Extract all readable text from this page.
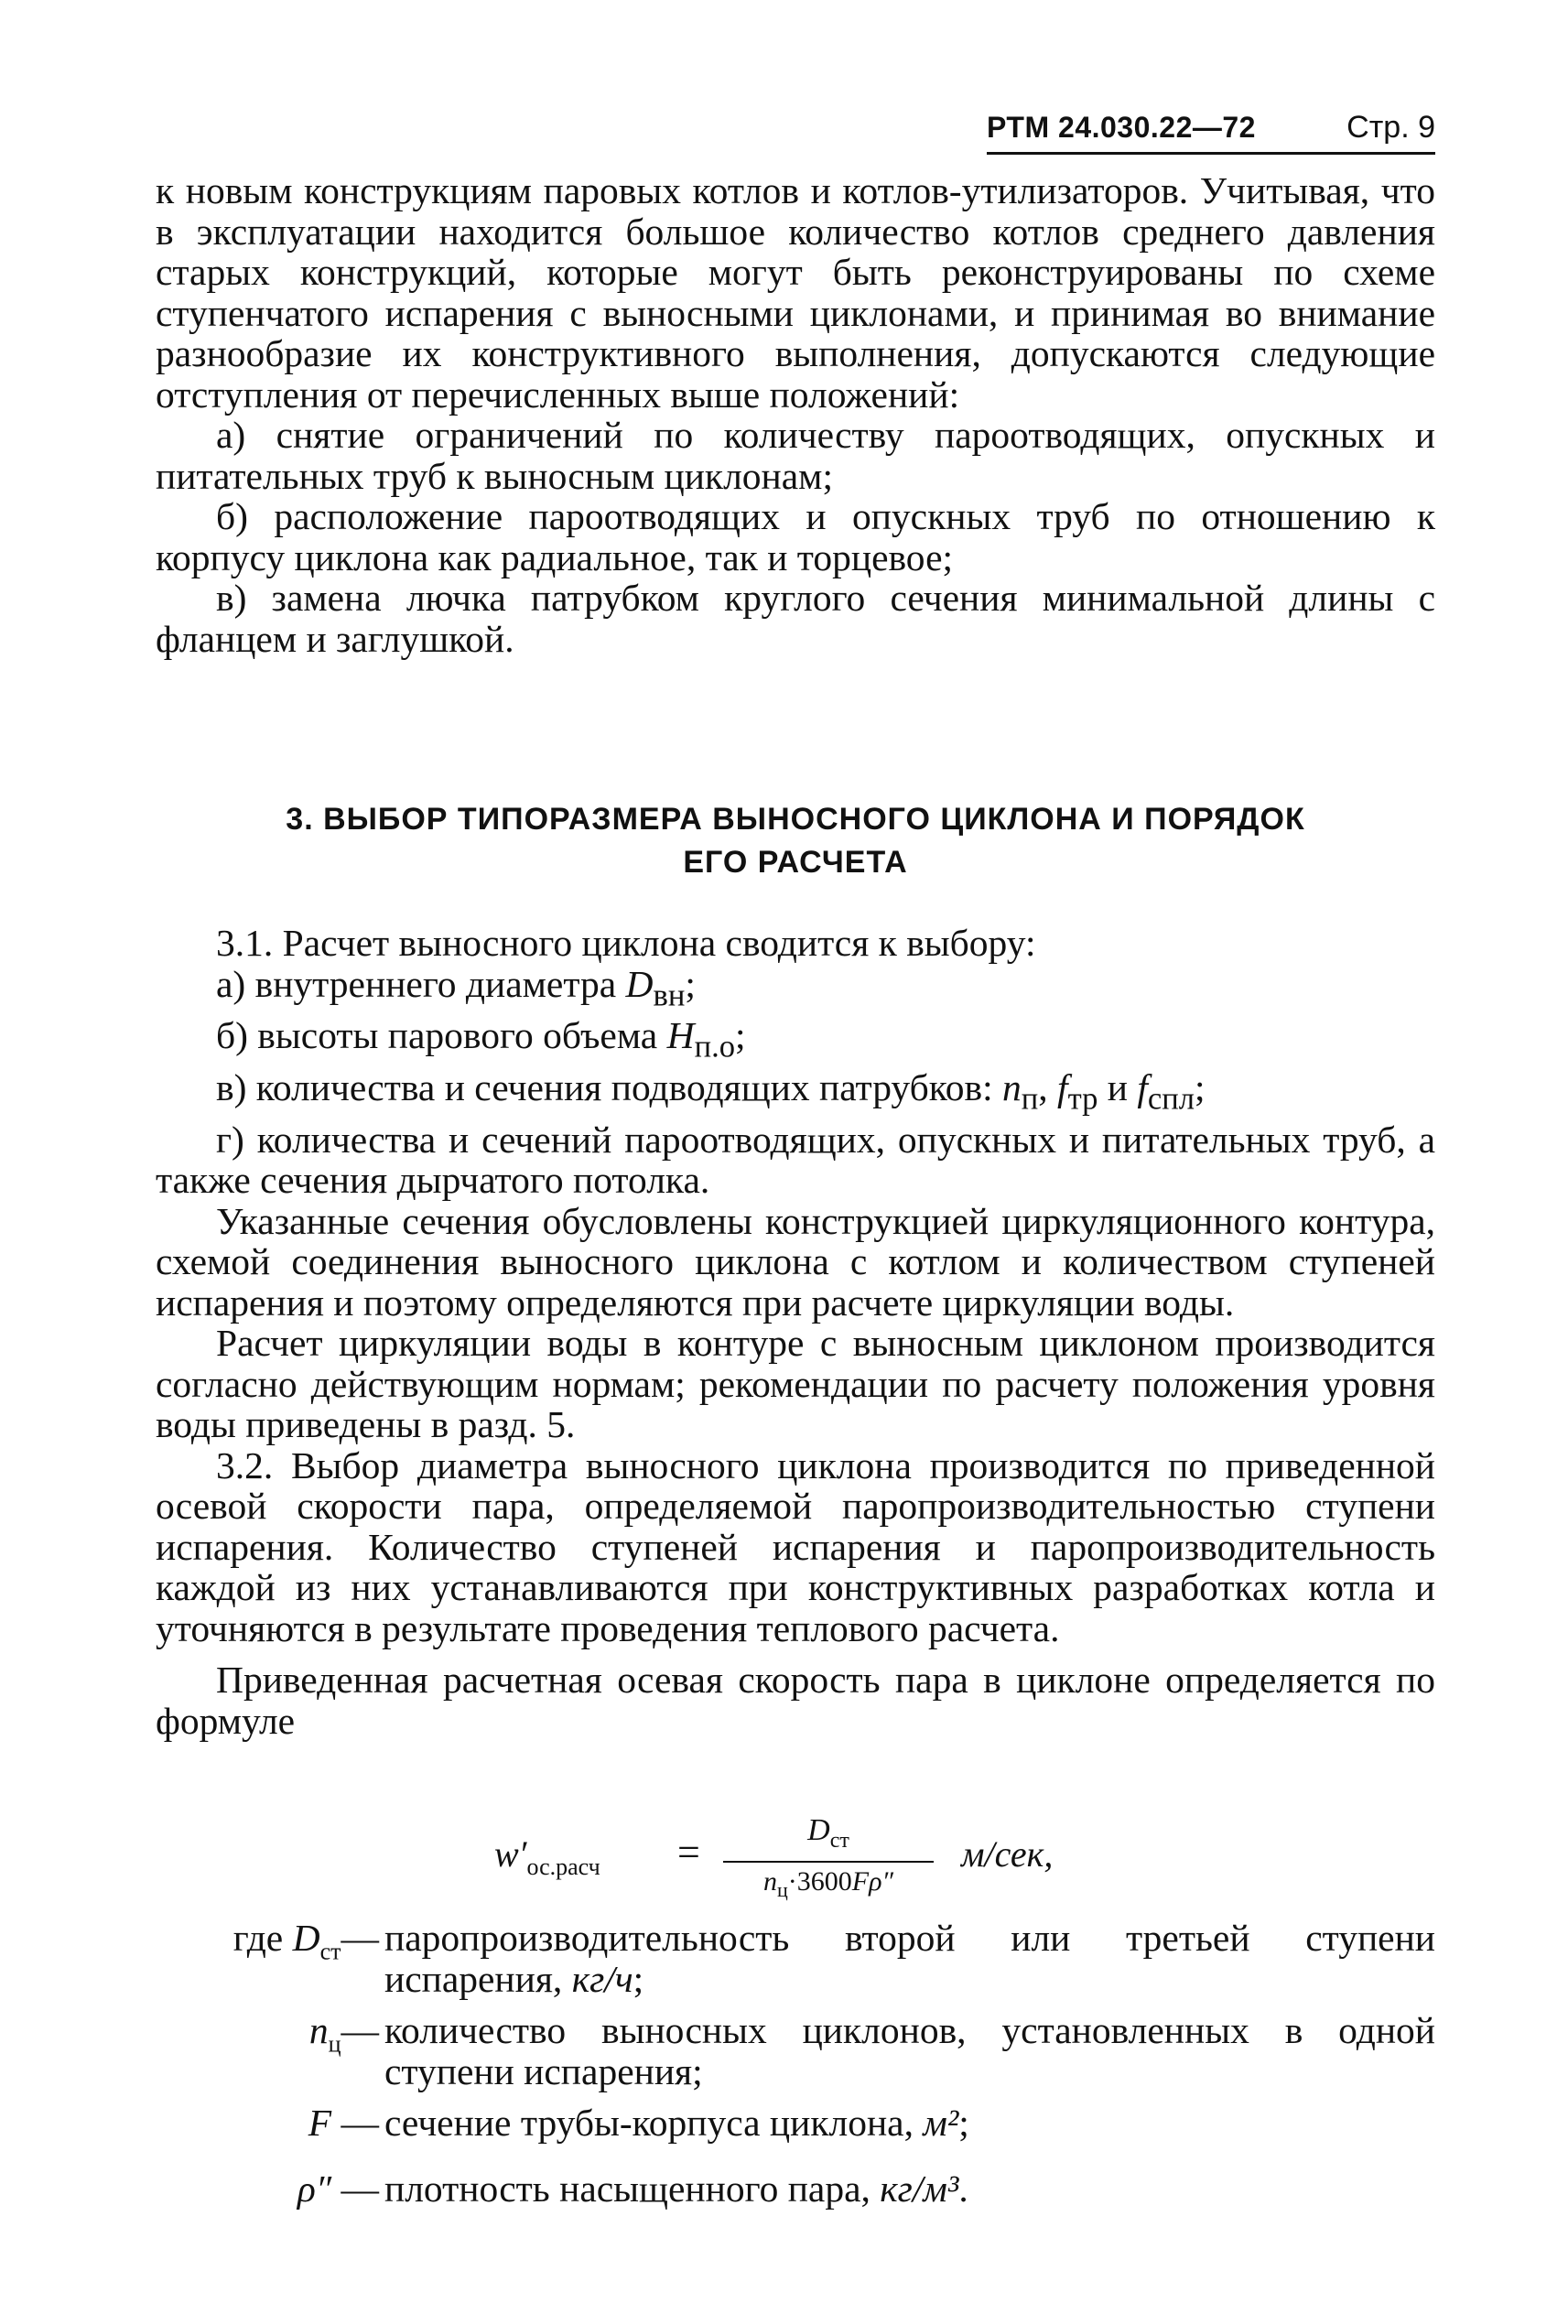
РТМ 24.030.22—72	Стр. 9

к новым конструкциям паровых котлов и котлов-утилизаторов. Учитывая, что в эксплуатации находится большое количество котлов среднего давления старых конструкций, которые могут быть реконструированы по схеме ступенчатого испарения с выносными циклонами, и принимая во внимание разнообразие их конструктивного выполнения, допускаются следующие отступления от перечисленных выше положений:

а) снятие ограничений по количеству пароотводящих, опускных и питательных труб к выносным циклонам;

б) расположение пароотводящих и опускных труб по отношению к корпусу циклона как радиальное, так и торцевое;

в) замена лючка патрубком круглого сечения минимальной длины с фланцем и заглушкой.

3. ВЫБОР ТИПОРАЗМЕРА ВЫНОСНОГО ЦИКЛОНА И ПОРЯДОК
ЕГО РАСЧЕТА

3.1. Расчет выносного циклона сводится к выбору:

а) внутреннего диаметра $D_{вн}$;

б) высоты парового объема $H_{п.о}$;

в) количества и сечения подводящих патрубков: $n_п$, $f_{тр}$ и $f_{спл}$;

г) количества и сечений пароотводящих, опускных и питательных труб, а также сечения дырчатого потолка.

Указанные сечения обусловлены конструкцией циркуляционного контура, схемой соединения выносного циклона с котлом и количеством ступеней испарения и поэтому определяются при расчете циркуляции воды.

Расчет циркуляции воды в контуре с выносным циклоном производится согласно действующим нормам; рекомендации по расчету положения уровня воды приведены в разд. 5.

3.2. Выбор диаметра выносного циклона производится по приведенной осевой скорости пара, определяемой паропроизводительностью ступени испарения. Количество ступеней испарения и паропроизводительность каждой из них устанавливаются при конструктивных разработках котла и уточняются в результате проведения теплового расчета.

Приведенная расчетная осевая скорость пара в циклоне определяется по формуле

$w'_{ос.расч}$ =	$D_{ст}$
$n_ц\cdot 3600F\rho''$
м/сек,
где $D_{ст}—$ паропроизводительность второй или третьей ступени испарения, кг/ч;
$n_ц—$ количество выносных циклонов, установленных в одной ступени испарения;
F — сечение трубы-корпуса циклона, м²;
ρ″ — плотность насыщенного пара, кг/м³.
